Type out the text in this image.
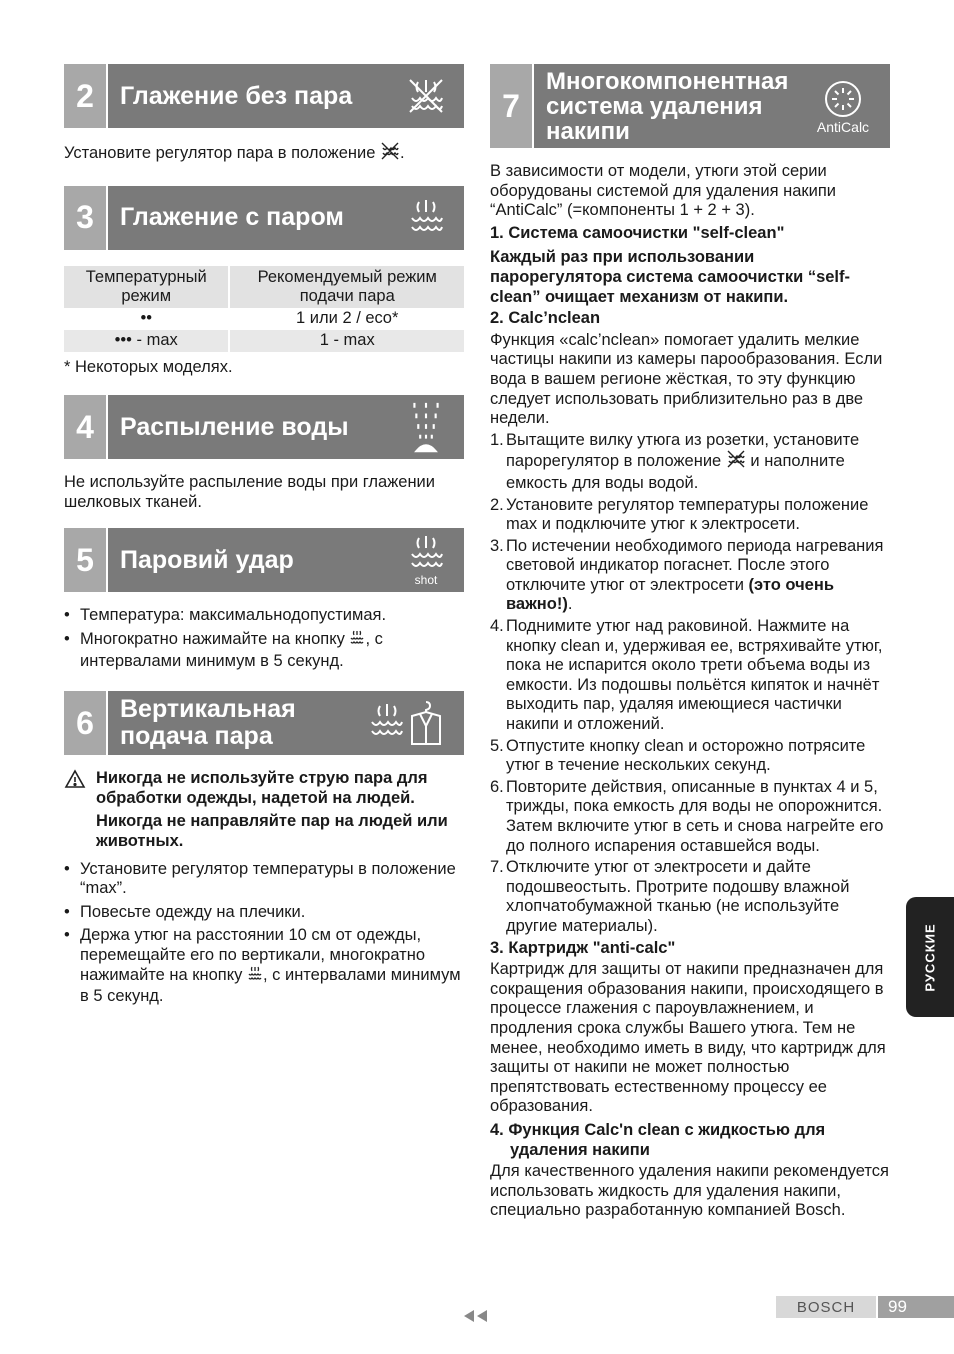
2	Глажение без пара

Установите регулятор пара в положение .

3	Глажение с паром
Температурный режим	Рекомендуемый режим подачи пара
••	1 или 2 / eco*
••• - max	1 - max

* Некоторых моделях.

4	Распыление воды

Не используйте распыление воды при глажении шелковых тканей.

5	Паровий удар
shot
• Температура: максимальнодопустимая.
• Многократно нажимайте на кнопку , с интервалами минимум в 5 секунд.
6	Вертикальная
подача пара

Никогда не используйте струю пара для обработки одежды, надетой на людей.

Никогда не направляйте пар на людей или животных.

• Установите регулятор температуры в положение “max”.
• Повесьте одежду на плечики.
• Держа утюг на расстоянии 10 см от одежды, перемещайте его по вертикали, многократно нажимайте на кнопку , с интервалами минимум в 5 секунд.
7
Многокомпонентная
система удаления
накипи	AntiCalc

В зависимости от модели, утюги этой серии оборудованы системой для удаления накипи “AntiCalc” (=компоненты 1 + 2 + 3).

1. Система самоочистки "self-clean"

Каждый раз при использовании парорегулятора система самоочистки “self-clean” очищает механизм от накипи.

2. Calc’nclean

Функция «calc’nclean» помогает удалить мелкие частицы накипи из камеры парообразования. Если вода в вашем регионе жёсткая, то эту функцию следует использовать приблизительно раз в две недели.

1. Вытащите вилку утюга из розетки, установите парорегулятор в положение  и наполните емкость для воды водой.
2. Установите регулятор температуры положение max и подключите утюг к электросети.
3. По истечении необходимого периода нагревания световой индикатор погаснет. После этого отключите утюг от электросети (это очень важно!).
4. Поднимите утюг над раковиной. Нажмите на кнопку clean и, удерживая ее, встряхивайте утюг, пока не испарится около трети объема воды из емкости. Из подошвы польётся кипяток и начнёт выходить пар, удаляя имеющиеся частички накипи и отложений.
5. Отпустите кнопку clean и осторожно потрясите утюг в течение нескольких секунд.
6. Повторите действия, описанные в пунктах 4 и 5, трижды, пока емкость для воды не опорожнится. Затем включите утюг в сеть и снова нагрейте его до полного испарения оставшейся воды.
7. Отключите утюг от электросети и дайте подошвеостыть. Протрите подошву влажной хлопчатобумажной тканью (не используйте другие материалы).

3. Картридж "anti-calc"

Картридж для защиты от накипи предназначен для сокращения образования накипи, происходящего в процессе глажения с пароувлажнением, и продления срока службы Вашего утюга. Тем не менее, необходимо иметь в виду, что картридж для защиты от накипи не может полностью препятствовать естественному процессу ее образования.

4. Функция Calc'n clean с жидкостью для
удаления накипи

Для качественного удаления накипи рекомендуется использовать жидкость для удаления накипи, специально разработанную компанией Bosch.

РУССКИЕ
BOSCH	99
